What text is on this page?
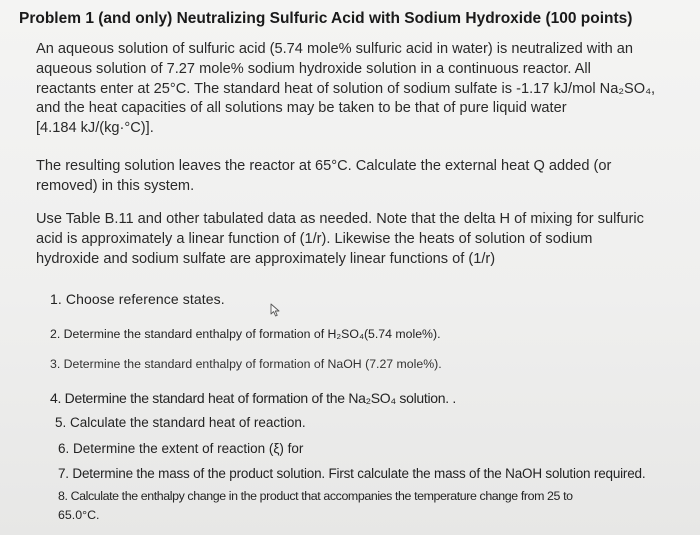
Problem 1 (and only) Neutralizing Sulfuric Acid with Sodium Hydroxide (100 points)
An aqueous solution of sulfuric acid (5.74 mole% sulfuric acid in water) is neutralized with an
aqueous solution of 7.27 mole% sodium hydroxide solution in a continuous reactor. All
reactants enter at 25°C. The standard heat of solution of sodium sulfate is -1.17 kJ/mol Na₂SO₄,
and the heat capacities of all solutions may be taken to be that of pure liquid water
[4.184 kJ/(kg·°C)].
The resulting solution leaves the reactor at 65°C. Calculate the external heat Q added (or
removed) in this system.
Use Table B.11 and other tabulated data as needed. Note that the delta H of mixing for sulfuric
acid is approximately a linear function of (1/r). Likewise the heats of solution of sodium
hydroxide and sodium sulfate are approximately linear functions of (1/r)
1. Choose reference states.
2. Determine the standard enthalpy of formation of H₂SO₄(5.74 mole%).
3. Determine the standard enthalpy of formation of NaOH (7.27 mole%).
4. Determine the standard heat of formation of the Na₂SO₄ solution. .
5. Calculate the standard heat of reaction.
6. Determine the extent of reaction (ξ) for
7. Determine the mass of the product solution. First calculate the mass of the NaOH solution required.
8. Calculate the enthalpy change in the product that accompanies the temperature change from 25 to
65.0°C.
